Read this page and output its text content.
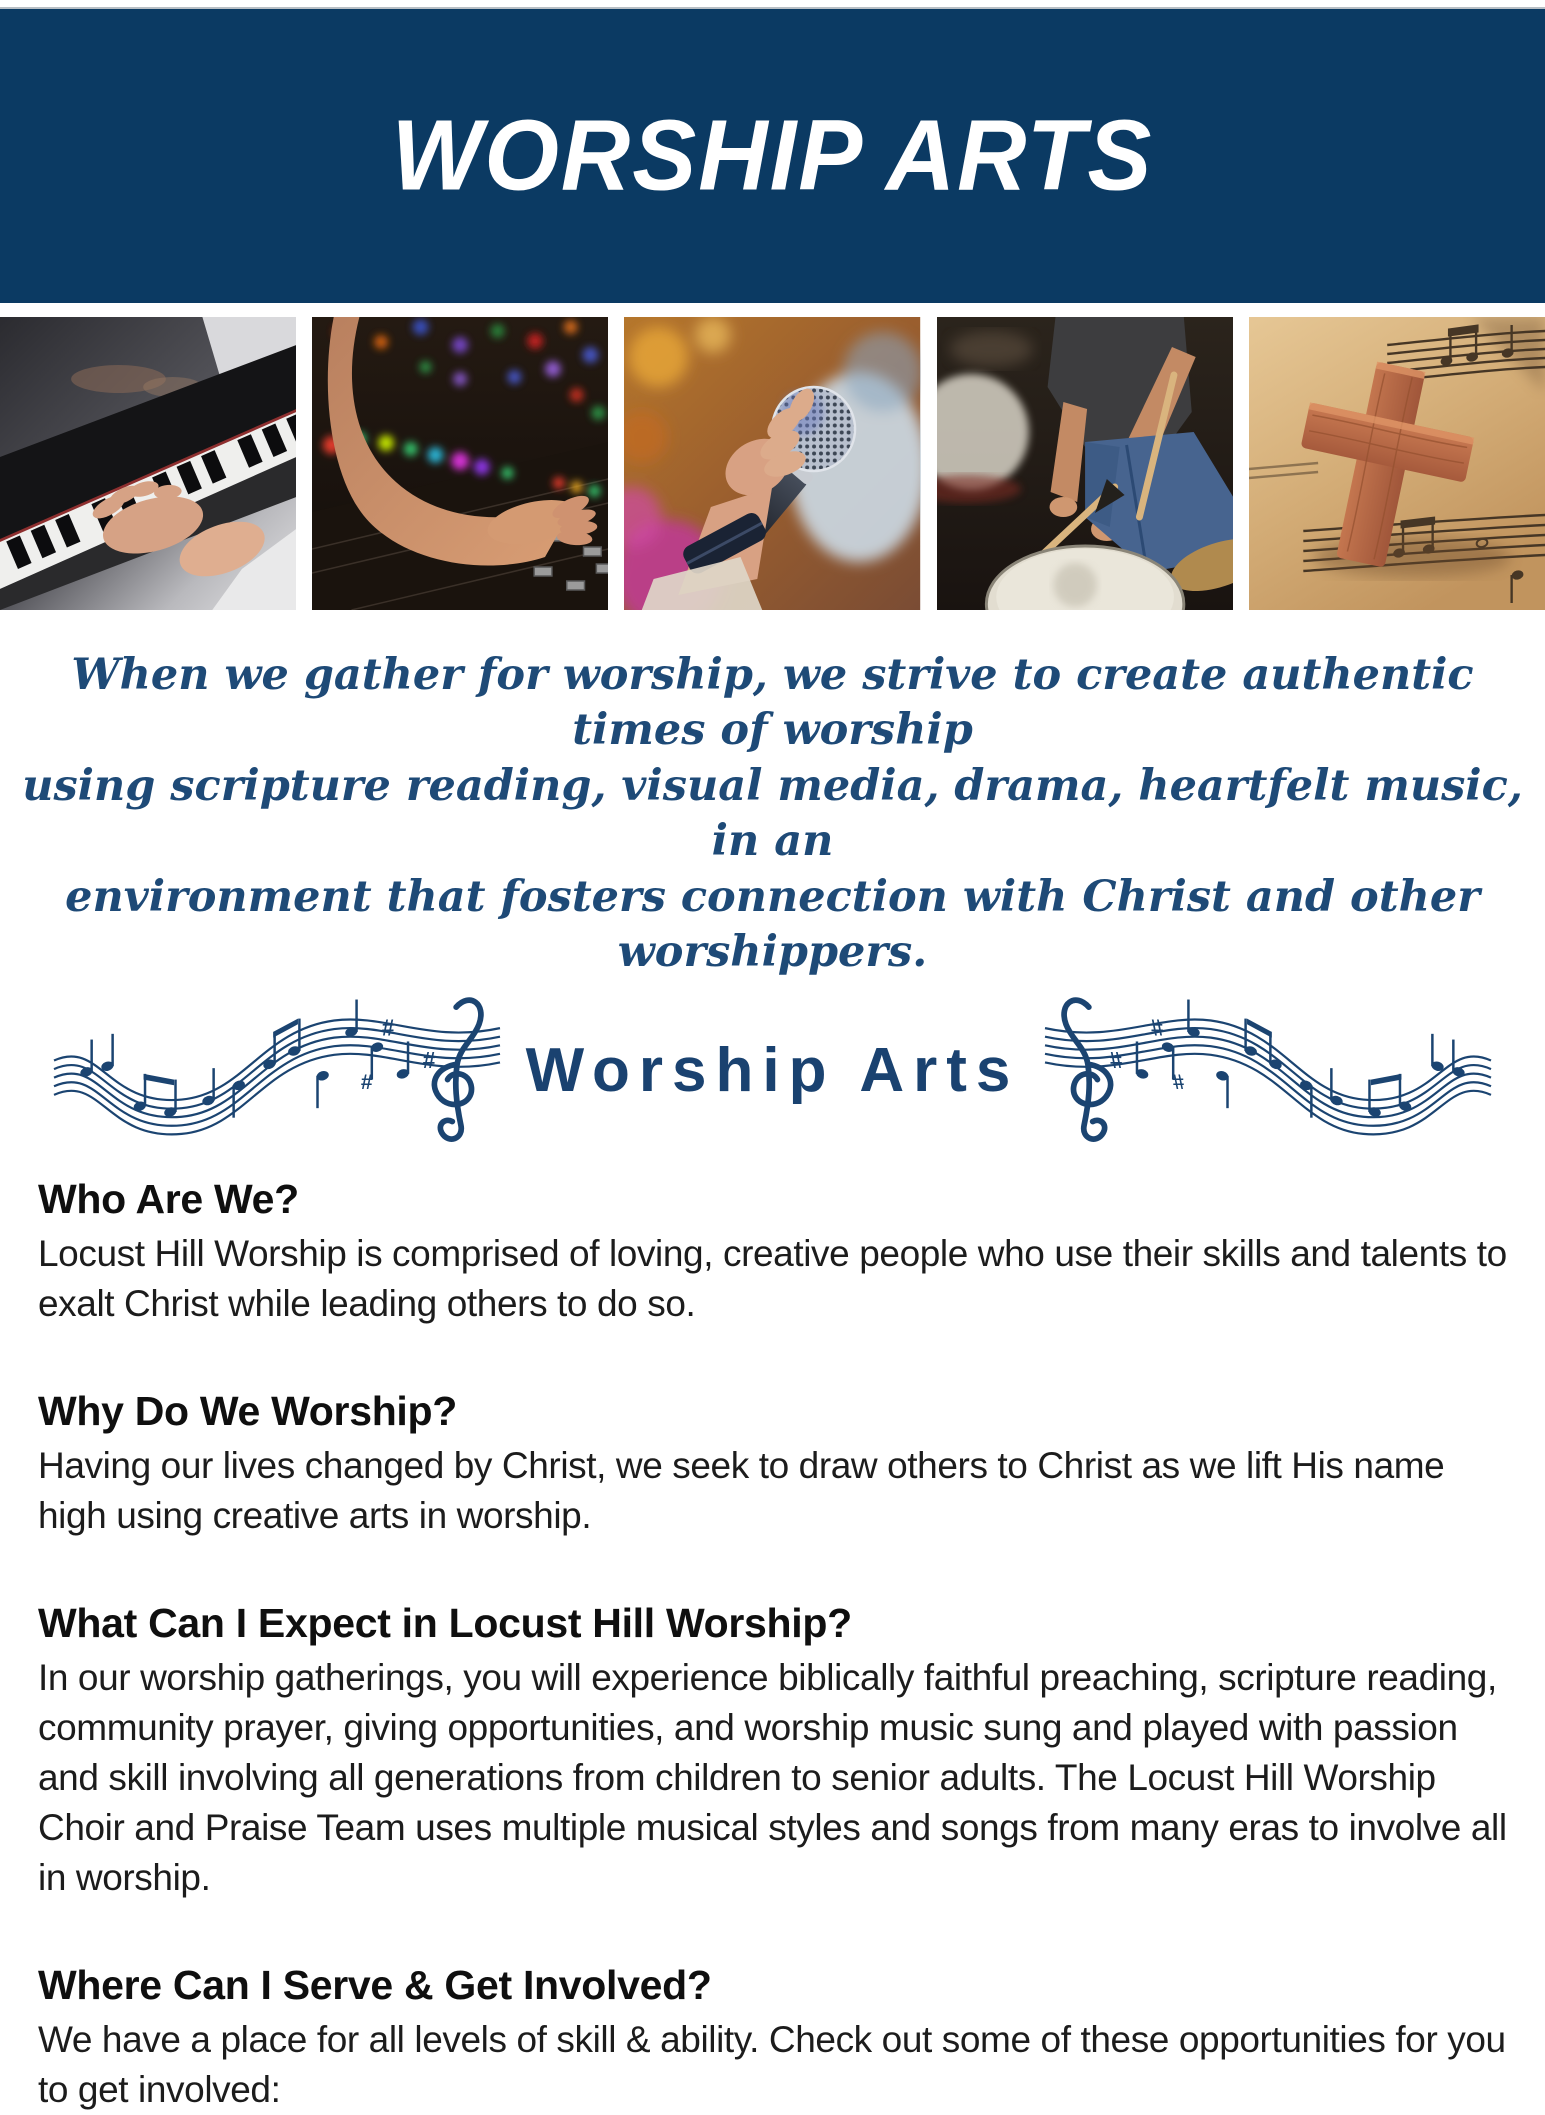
WORSHIP ARTS
When we gather for worship, we strive to create authentic times of worship
using scripture reading, visual media, drama, heartfelt music, in an
environment that fosters connection with Christ and other worshippers.
Worship Arts
Who Are We?

Locust Hill Worship is comprised of loving, creative people who use their skills and talents to exalt Christ while leading others to do so.

Why Do We Worship?

Having our lives changed by Christ, we seek to draw others to Christ as we lift His name high using creative arts in worship.

What Can I Expect in Locust Hill Worship?

In our worship gatherings, you will experience biblically faithful preaching, scripture reading, community prayer, giving opportunities, and worship music sung and played with passion and skill involving all generations from children to senior adults. The Locust Hill Worship Choir and Praise Team uses multiple musical styles and songs from many eras to involve all in worship.

Where Can I Serve & Get Involved?

We have a place for all levels of skill & ability. Check out some of these opportunities for you to get involved:
